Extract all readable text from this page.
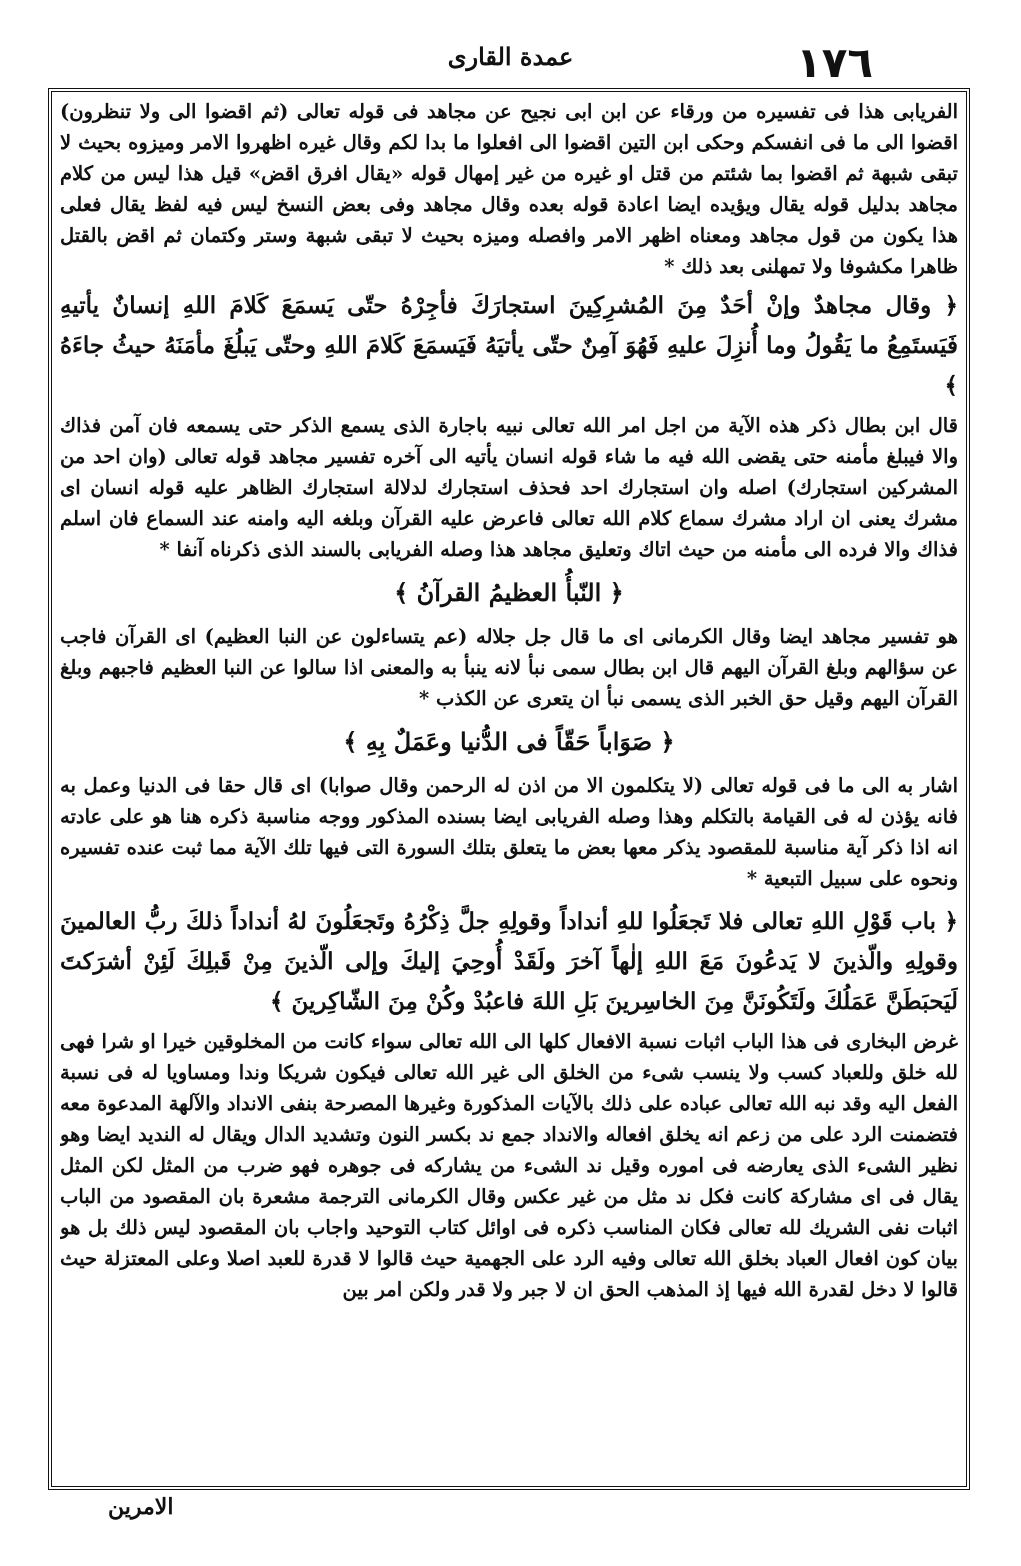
١٧٦
عمدة القارى

الفريابى هذا فى تفسيره من ورقاء عن ابن ابى نجيح عن مجاهد فى قوله تعالى (ثم اقضوا الى ولا تنظرون) اقضوا الى ما فى انفسكم وحكى ابن التين اقضوا الى افعلوا ما بدا لكم وقال غيره اظهروا الامر وميزوه بحيث لا تبقى شبهة ثم اقضوا بما شئتم من قتل او غيره من غير إمهال قوله «يقال افرق اقض» قيل هذا ليس من كلام مجاهد بدليل قوله يقال ويؤيده ايضا اعادة قوله بعده وقال مجاهد وفى بعض النسخ ليس فيه لفظ يقال فعلى هذا يكون من قول مجاهد ومعناه اظهر الامر وافصله وميزه بحيث لا تبقى شبهة وستر وكتمان ثم اقض بالقتل ظاهرا مكشوفا ولا تمهلنى بعد ذلك *

﴿ وقال مجاهدٌ وإنْ أحَدٌ مِنَ المُشرِكِينَ استجارَكَ فأجِرْهُ حتّى يَسمَعَ كَلامَ اللهِ إنسانٌ يأتيهِ فَيَستَمِعُ ما يَقُولُ وما أُنزِلَ عليهِ فَهُوَ آمِنٌ حتّى يأتيَهُ فَيَسمَعَ كَلامَ اللهِ وحتّى يَبلُغَ مأمَنَهُ حيثُ جاءَهُ ﴾

قال ابن بطال ذكر هذه الآية من اجل امر الله تعالى نبيه باجارة الذى يسمع الذكر حتى يسمعه فان آمن فذاك والا فيبلغ مأمنه حتى يقضى الله فيه ما شاء قوله انسان يأتيه الى آخره تفسير مجاهد قوله تعالى (وان احد من المشركين استجارك) اصله وان استجارك احد فحذف استجارك لدلالة استجارك الظاهر عليه قوله انسان اى مشرك يعنى ان اراد مشرك سماع كلام الله تعالى فاعرض عليه القرآن وبلغه اليه وامنه عند السماع فان اسلم فذاك والا فرده الى مأمنه من حيث اتاك وتعليق مجاهد هذا وصله الفريابى بالسند الذى ذكرناه آنفا *

﴿ النّبأُ العظيمُ القرآنُ ﴾

هو تفسير مجاهد ايضا وقال الكرمانى اى ما قال جل جلاله (عم يتساءلون عن النبا العظيم) اى القرآن فاجب عن سؤالهم وبلغ القرآن اليهم قال ابن بطال سمى نبأ لانه ينبأ به والمعنى اذا سالوا عن النبا العظيم فاجبهم وبلغ القرآن اليهم وقيل حق الخبر الذى يسمى نبأ ان يتعرى عن الكذب *

﴿ صَوَاباً حَقّاً فى الدُّنيا وعَمَلٌ بِهِ ﴾

اشار به الى ما فى قوله تعالى (لا يتكلمون الا من اذن له الرحمن وقال صوابا) اى قال حقا فى الدنيا وعمل به فانه يؤذن له فى القيامة بالتكلم وهذا وصله الفريابى ايضا بسنده المذكور ووجه مناسبة ذكره هنا هو على عادته انه اذا ذكر آية مناسبة للمقصود يذكر معها بعض ما يتعلق بتلك السورة التى فيها تلك الآية مما ثبت عنده تفسيره ونحوه على سبيل التبعية *

﴿ باب قَوْلِ اللهِ تعالى فلا تَجعَلُوا للهِ أنداداً وقولِهِ جلَّ ذِكْرُهُ وتَجعَلُونَ لهُ أنداداً ذلكَ ربُّ العالمينَ وقولِهِ والّذينَ لا يَدعُونَ مَعَ اللهِ إلٰهاً آخرَ ولَقَدْ أُوحِيَ إليكَ وإلى الّذينَ مِنْ قَبلِكَ لَئِنْ أشرَكتَ لَيَحبَطَنَّ عَمَلُكَ ولَتَكُونَنَّ مِنَ الخاسِرينَ بَلِ اللهَ فاعبُدْ وكُنْ مِنَ الشّاكِرينَ ﴾

غرض البخارى فى هذا الباب اثبات نسبة الافعال كلها الى الله تعالى سواء كانت من المخلوقين خيرا او شرا فهى لله خلق وللعباد كسب ولا ينسب شىء من الخلق الى غير الله تعالى فيكون شريكا وندا ومساويا له فى نسبة الفعل اليه وقد نبه الله تعالى عباده على ذلك بالآيات المذكورة وغيرها المصرحة بنفى الانداد والآلهة المدعوة معه فتضمنت الرد على من زعم انه يخلق افعاله والانداد جمع ند بكسر النون وتشديد الدال ويقال له النديد ايضا وهو نظير الشىء الذى يعارضه فى اموره وقيل ند الشىء من يشاركه فى جوهره فهو ضرب من المثل لكن المثل يقال فى اى مشاركة كانت فكل ند مثل من غير عكس وقال الكرمانى الترجمة مشعرة بان المقصود من الباب اثبات نفى الشريك لله تعالى فكان المناسب ذكره فى اوائل كتاب التوحيد واجاب بان المقصود ليس ذلك بل هو بيان كون افعال العباد بخلق الله تعالى وفيه الرد على الجهمية حيث قالوا لا قدرة للعبد اصلا وعلى المعتزلة حيث قالوا لا دخل لقدرة الله فيها إذ المذهب الحق ان لا جبر ولا قدر ولكن امر بين

الامرين
